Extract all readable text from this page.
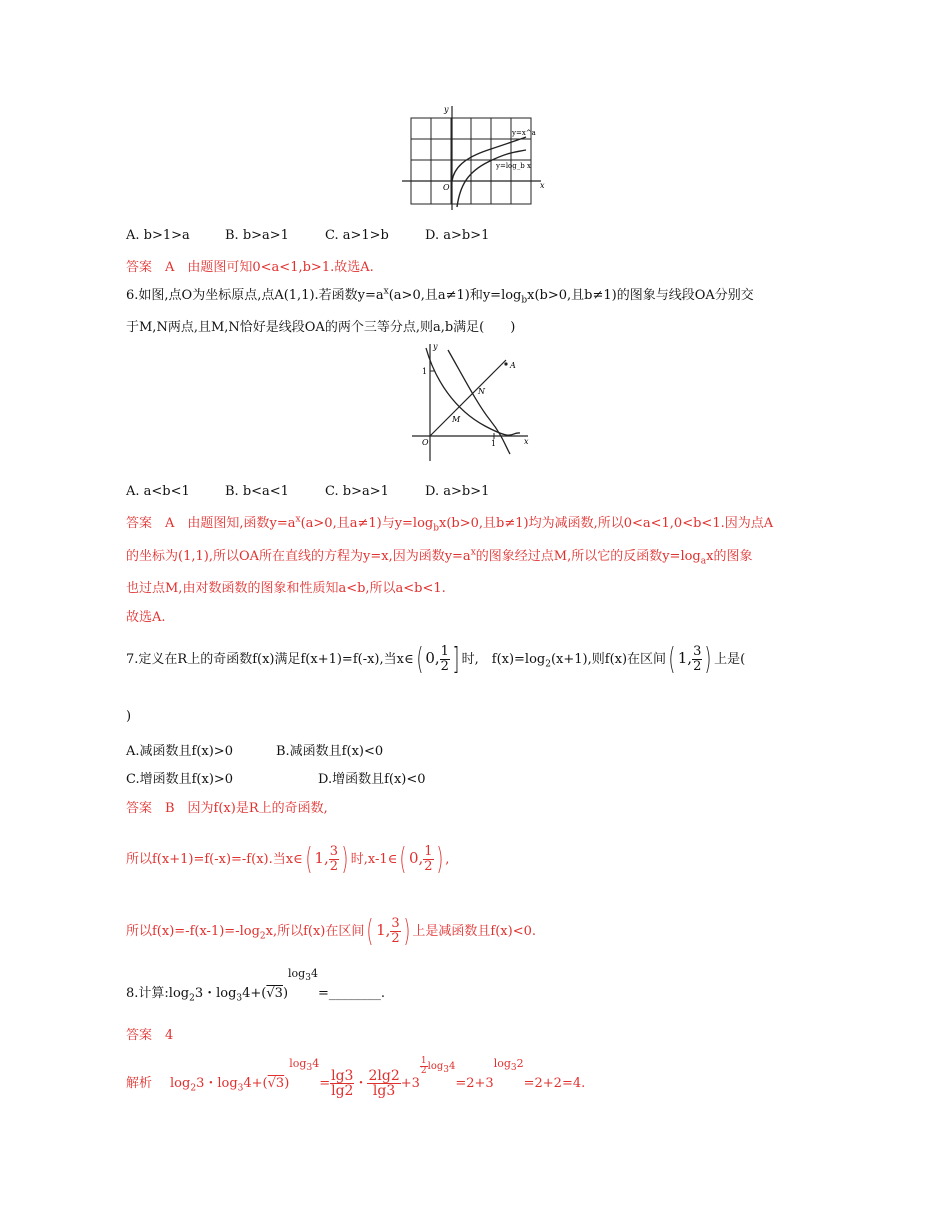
y
x
O
y=x^a
y=log_b x
A. b>1>a	B. b>a>1	C. a>1>b	D. a>b>1
答案　A　由题图可知0<a<1,b>1.故选A.
6.如图,点O为坐标原点,点A(1,1).若函数$y=a^x(a>0$,且a≠1)和$y=\log_bx(b>0$,且b≠1)的图象与线段OA分别交
于M,N两点,且M,N恰好是线段OA的两个三等分点,则a,b满足(　　)
y
x
O
1
1
A
M
N
A. a<b<1	B. b<a<1	C. b>a>1	D. a>b>1
答案　A　由题图知,函数$y=a^x(a>0$,且a≠1)与$y=\log_bx(b>0$,且b≠1)均为减函数,所以0<a<1,0<b<1.因为点A
的坐标为(1,1),所以OA所在直线的方程为y=x,因为函数$y=a^x$的图象经过点M,所以它的反函数$y=\log_ax$的图象
也过点M,由对数函数的图象和性质知a<b,所以a<b<1.
故选A.
7.定义在R上的奇函数f(x)满足f(x+1)=f(-x),当x∈( 0, $\frac{1}{2}$ ] 时,　$f(x)=\log_2(x+1)$,则f(x)在区间( 1, $\frac{3}{2}$ ) 上是(
)
A.减函数且f(x)>0	B.减函数且f(x)<0
C.增函数且f(x)>0	D.增函数且f(x)<0
答案　B　因为f(x)是R上的奇函数,
所以f(x+1)=f(-x)=-f(x).当x∈( 1, $\frac{3}{2}$ ) 时,x-1∈( 0, $\frac{1}{2}$ ) ,
所以$f(x)=-f(x-1)=-\log_2x$,所以f(x)在区间( 1, $\frac{3}{2}$ ) 上是减函数且f(x)<0.
8.计算$:\log_23$・$\log_34+(√3)^{log_34}=\_\_\_\_\_\_\_\_$.
答案　4
解析 $\log_23$・$\log_34+(√3)^{log_34}= \frac{\lg 3}{\lg 2}$ ・ $\frac{2\lg 2}{\lg 3} +3$
$^{\frac{1}{2} log_34}=2+3^{log_32}=2+2=4$.
